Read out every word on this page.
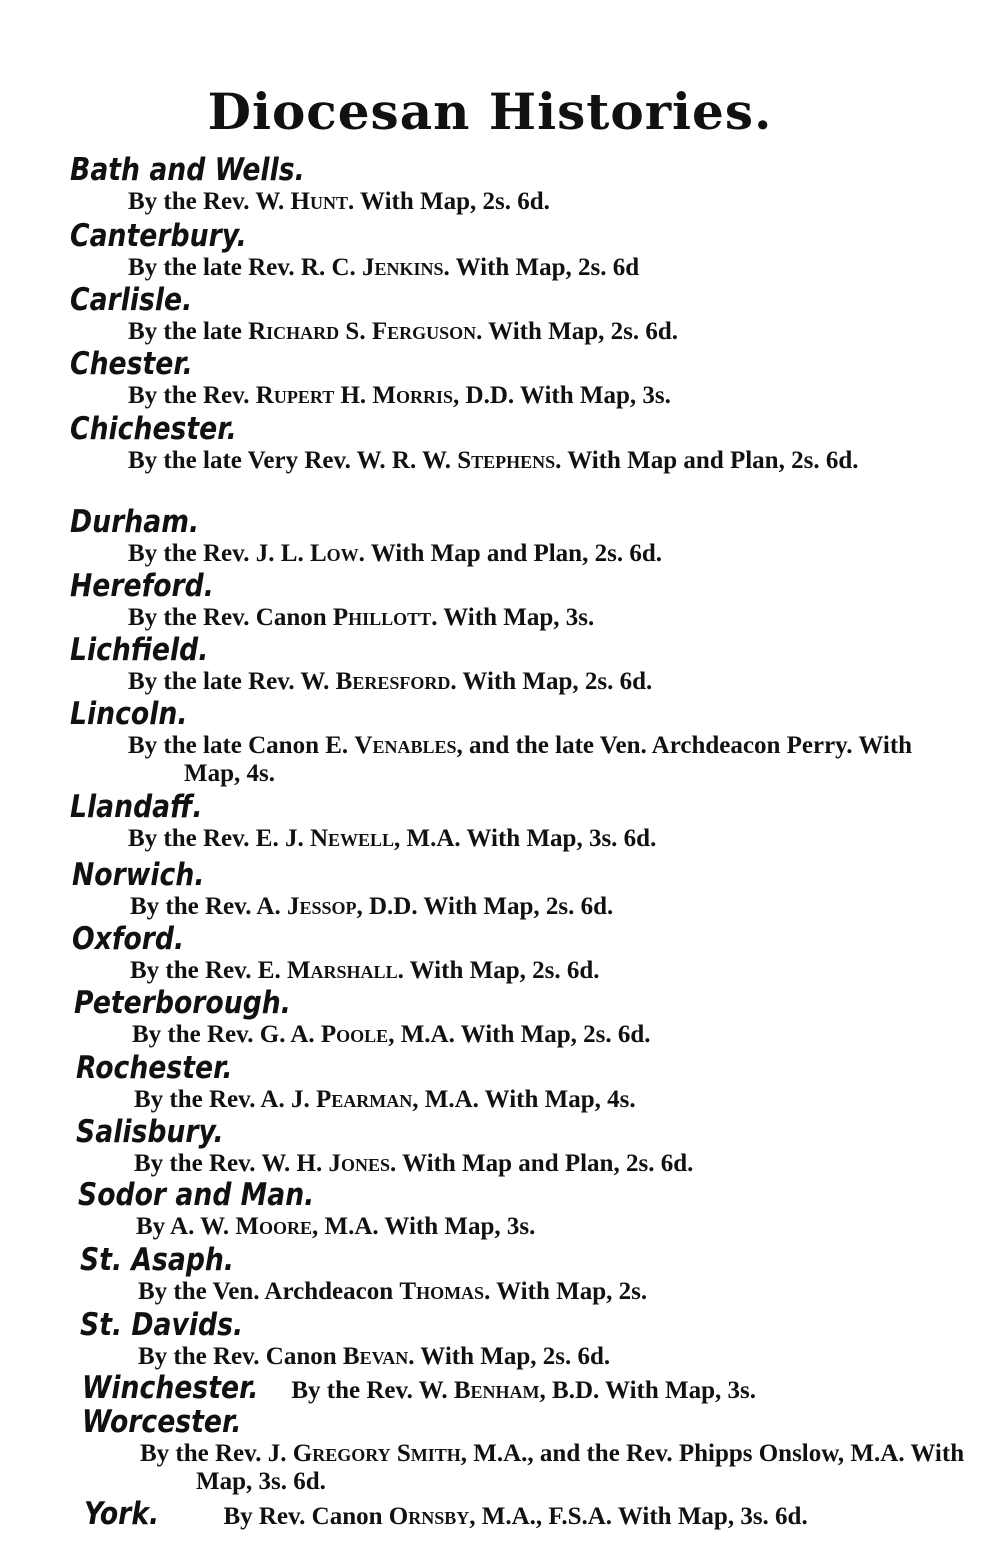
Diocesan Histories.
Bath and Wells.
By the Rev. W. Hunt. With Map, 2s. 6d.
Canterbury.
By the late Rev. R. C. Jenkins. With Map, 2s. 6d
Carlisle.
By the late Richard S. Ferguson. With Map, 2s. 6d.
Chester.
By the Rev. Rupert H. Morris, D.D. With Map, 3s.
Chichester.
By the late Very Rev. W. R. W. Stephens. With Map and Plan, 2s. 6d.
Durham.
By the Rev. J. L. Low. With Map and Plan, 2s. 6d.
Hereford.
By the Rev. Canon Phillott. With Map, 3s.
Lichfield.
By the late Rev. W. Beresford. With Map, 2s. 6d.
Lincoln.
By the late Canon E. Venables, and the late Ven. Archdeacon Perry. With Map, 4s.
Llandaff.
By the Rev. E. J. Newell, M.A. With Map, 3s. 6d.
Norwich.
By the Rev. A. Jessop, D.D. With Map, 2s. 6d.
Oxford.
By the Rev. E. Marshall. With Map, 2s. 6d.
Peterborough.
By the Rev. G. A. Poole, M.A. With Map, 2s. 6d.
Rochester.
By the Rev. A. J. Pearman, M.A. With Map, 4s.
Salisbury.
By the Rev. W. H. Jones. With Map and Plan, 2s. 6d.
Sodor and Man.
By A. W. Moore, M.A. With Map, 3s.
St. Asaph.
By the Ven. Archdeacon Thomas. With Map, 2s.
St. Davids.
By the Rev. Canon Bevan. With Map, 2s. 6d.
Winchester. By the Rev. W. Benham, B.D. With Map, 3s.
Worcester.
By the Rev. J. Gregory Smith, M.A., and the Rev. Phipps Onslow, M.A. With Map, 3s. 6d.
York.	By Rev. Canon Ornsby, M.A., F.S.A. With Map, 3s. 6d.
